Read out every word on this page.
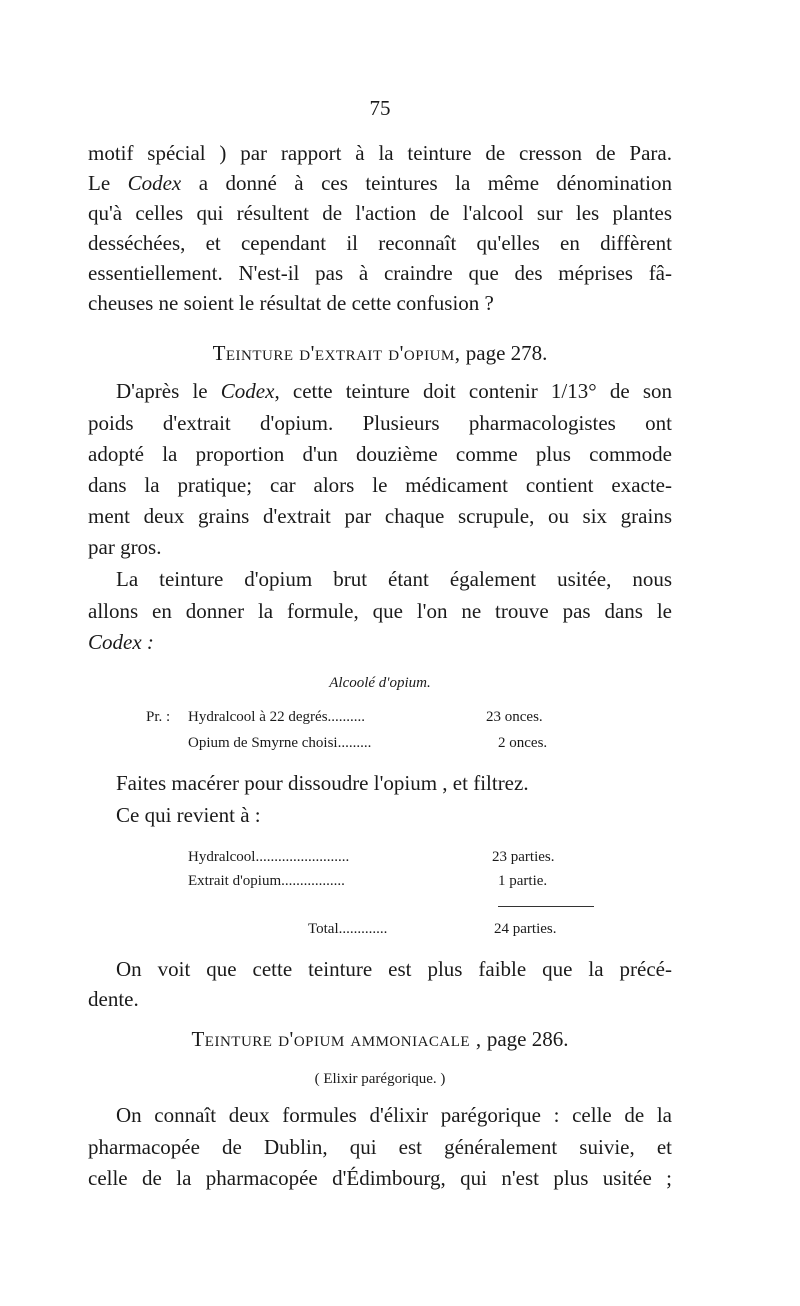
75
motif spécial ) par rapport à la teinture de cresson de Para.
Le Codex a donné à ces teintures la même dénomination
qu'à celles qui résultent de l'action de l'alcool sur les plantes
desséchées, et cependant il reconnaît qu'elles en diffèrent
essentiellement. N'est-il pas à craindre que des méprises fâ-
cheuses ne soient le résultat de cette confusion ?
Teinture d'extrait d'opium, page 278.
D'après le Codex, cette teinture doit contenir 1/13° de son
poids d'extrait d'opium. Plusieurs pharmacologistes ont
adopté la proportion d'un douzième comme plus commode
dans la pratique; car alors le médicament contient exacte-
ment deux grains d'extrait par chaque scrupule, ou six grains
par gros.
La teinture d'opium brut étant également usitée, nous
allons en donner la formule, que l'on ne trouve pas dans le
Codex :
Alcoolé d'opium.
Pr. : Hydralcool à 22 degrés..........	23 onces.
Opium de Smyrne choisi.........	2 onces.
Faites macérer pour dissoudre l'opium , et filtrez.
Ce qui revient à :
Hydralcool.........................	23 parties.
Extrait d'opium.................	1 partie.
Total.............	24 parties.
On voit que cette teinture est plus faible que la précé-
dente.
Teinture d'opium ammoniacale , page 286.
( Elixir parégorique. )
On connaît deux formules d'élixir parégorique : celle de la
pharmacopée de Dublin, qui est généralement suivie, et
celle de la pharmacopée d'Édimbourg, qui n'est plus usitée ;
